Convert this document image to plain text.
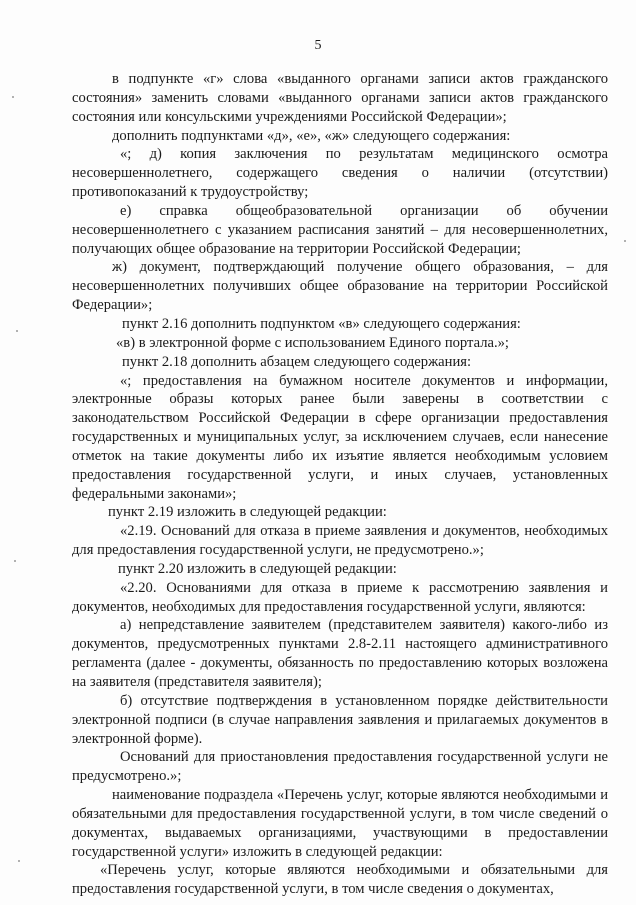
5

в подпункте «г» слова «выданного органами записи актов гражданского состояния» заменить словами «выданного органами записи актов гражданского состояния или консульскими учреждениями Российской Федерации»;

дополнить подпунктами «д», «е», «ж» следующего содержания:

«; д) копия заключения по результатам медицинского осмотра несовершеннолетнего, содержащего сведения о наличии (отсутствии) противопоказаний к трудоустройству;

е) справка общеобразовательной организации об обучении несовершеннолетнего с указанием расписания занятий – для несовершеннолетних, получающих общее образование на территории Российской Федерации;

ж) документ, подтверждающий получение общего образования, – для несовершеннолетних получивших общее образование на территории Российской Федерации»;

пункт 2.16 дополнить подпунктом «в» следующего содержания:

«в) в электронной форме с использованием Единого портала.»;

пункт 2.18 дополнить абзацем следующего содержания:

«; предоставления на бумажном носителе документов и информации, электронные образы которых ранее были заверены в соответствии с законодательством Российской Федерации в сфере организации предоставления государственных и муниципальных услуг, за исключением случаев, если нанесение отметок на такие документы либо их изъятие является необходимым условием предоставления государственной услуги, и иных случаев, установленных федеральными законами»;

пункт 2.19 изложить в следующей редакции:

«2.19. Оснований для отказа в приеме заявления и документов, необходимых для предоставления государственной услуги, не предусмотрено.»;

пункт 2.20 изложить в следующей редакции:

«2.20. Основаниями для отказа в приеме к рассмотрению заявления и документов, необходимых для предоставления государственной услуги, являются:

а) непредставление заявителем (представителем заявителя) какого-либо из документов, предусмотренных пунктами 2.8-2.11 настоящего административного регламента (далее - документы, обязанность по предоставлению которых возложена на заявителя (представителя заявителя);

б) отсутствие подтверждения в установленном порядке действительности электронной подписи (в случае направления заявления и прилагаемых документов в электронной форме).

Оснований для приостановления предоставления государственной услуги не предусмотрено.»;

наименование подраздела «Перечень услуг, которые являются необходимыми и обязательными для предоставления государственной услуги, в том числе сведений о документах, выдаваемых организациями, участвующими в предоставлении государственной услуги» изложить в следующей редакции:

«Перечень услуг, которые являются необходимыми и обязательными для предоставления государственной услуги, в том числе сведения о документах,
